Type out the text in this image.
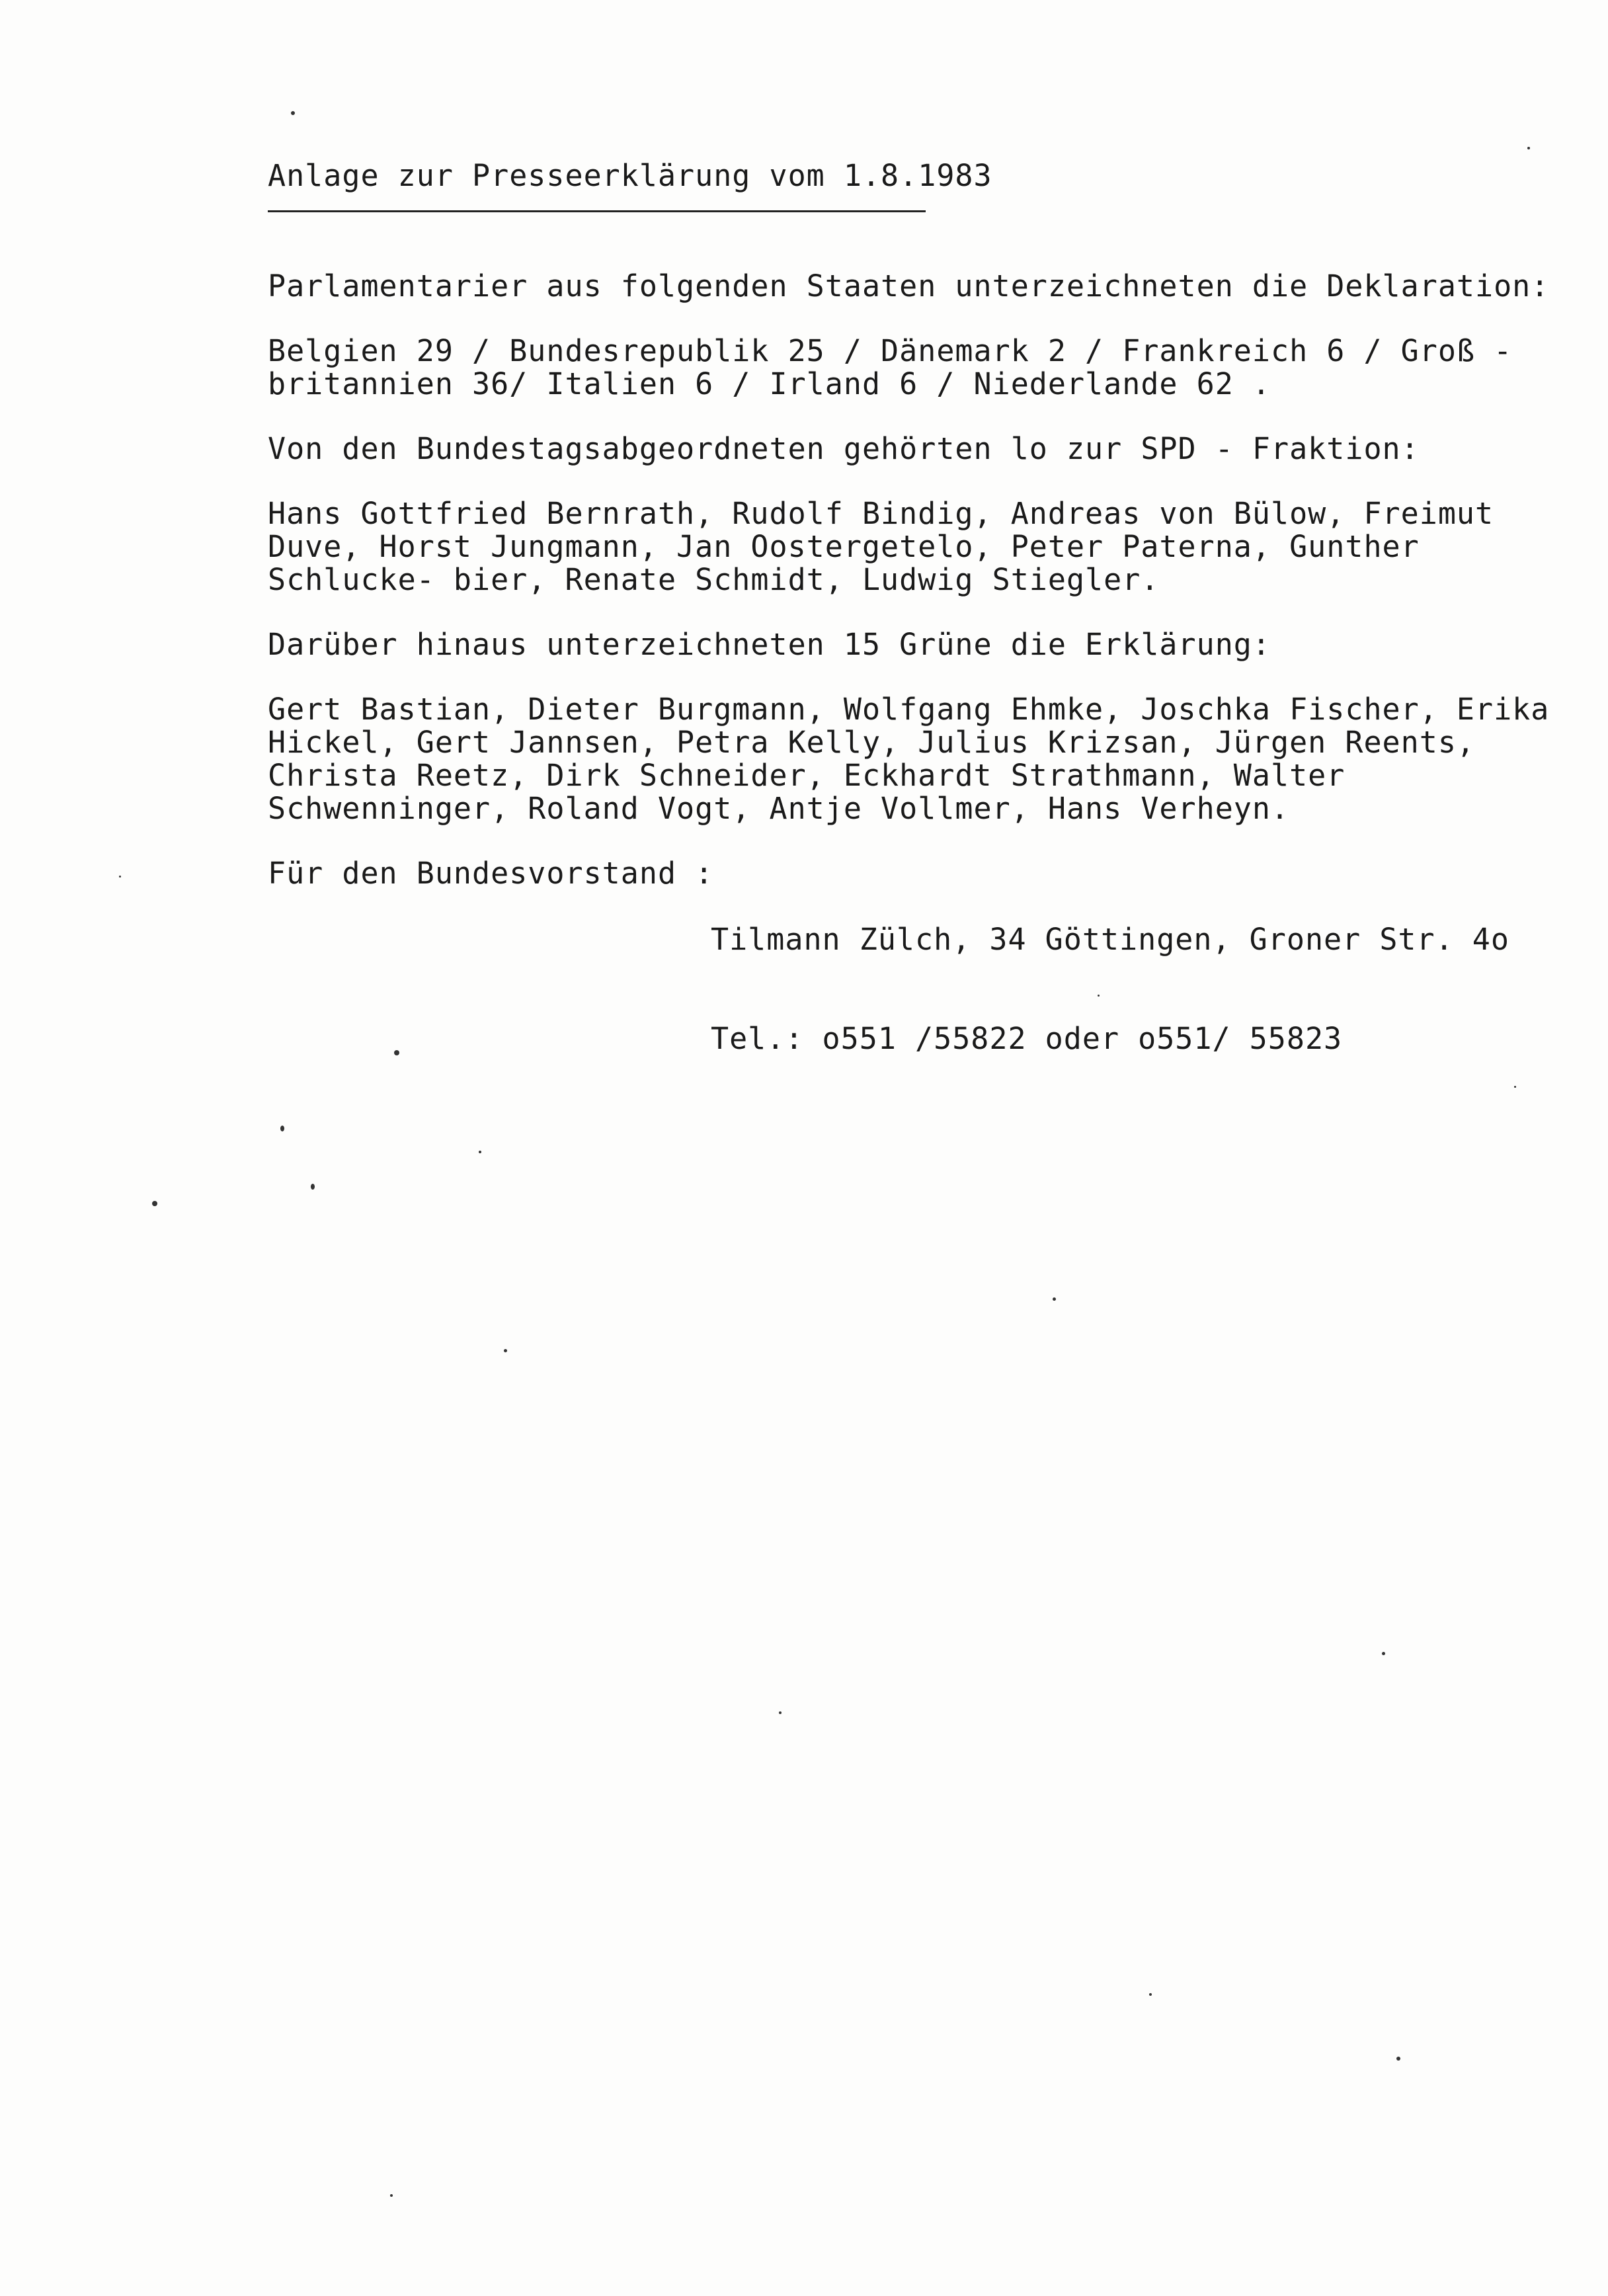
Anlage zur Presseerklärung vom 1.8.1983

Parlamentarier aus folgenden Staaten unterzeichneten die Deklaration:

Belgien 29 / Bundesrepublik 25 / Dänemark 2 / Frankreich 6 / Groß - britannien 36/ Italien 6 / Irland 6 / Niederlande 62 .

Von den Bundestagsabgeordneten gehörten lo zur SPD - Fraktion:

Hans Gottfried Bernrath, Rudolf Bindig, Andreas von Bülow, Freimut Duve, Horst Jungmann, Jan Oostergetelo, Peter Paterna, Gunther Schlucke- bier, Renate Schmidt, Ludwig Stiegler.

Darüber hinaus unterzeichneten 15 Grüne die Erklärung:

Gert Bastian, Dieter Burgmann, Wolfgang Ehmke, Joschka Fischer, Erika Hickel, Gert Jannsen, Petra Kelly, Julius Krizsan, Jürgen Reents, Christa Reetz, Dirk Schneider, Eckhardt Strathmann, Walter Schwenninger, Roland Vogt, Antje Vollmer, Hans Verheyn.

Für den Bundesvorstand :

Tilmann Zülch, 34 Göttingen, Groner Str. 4o

Tel.: o551 /55822 oder o551/ 55823
